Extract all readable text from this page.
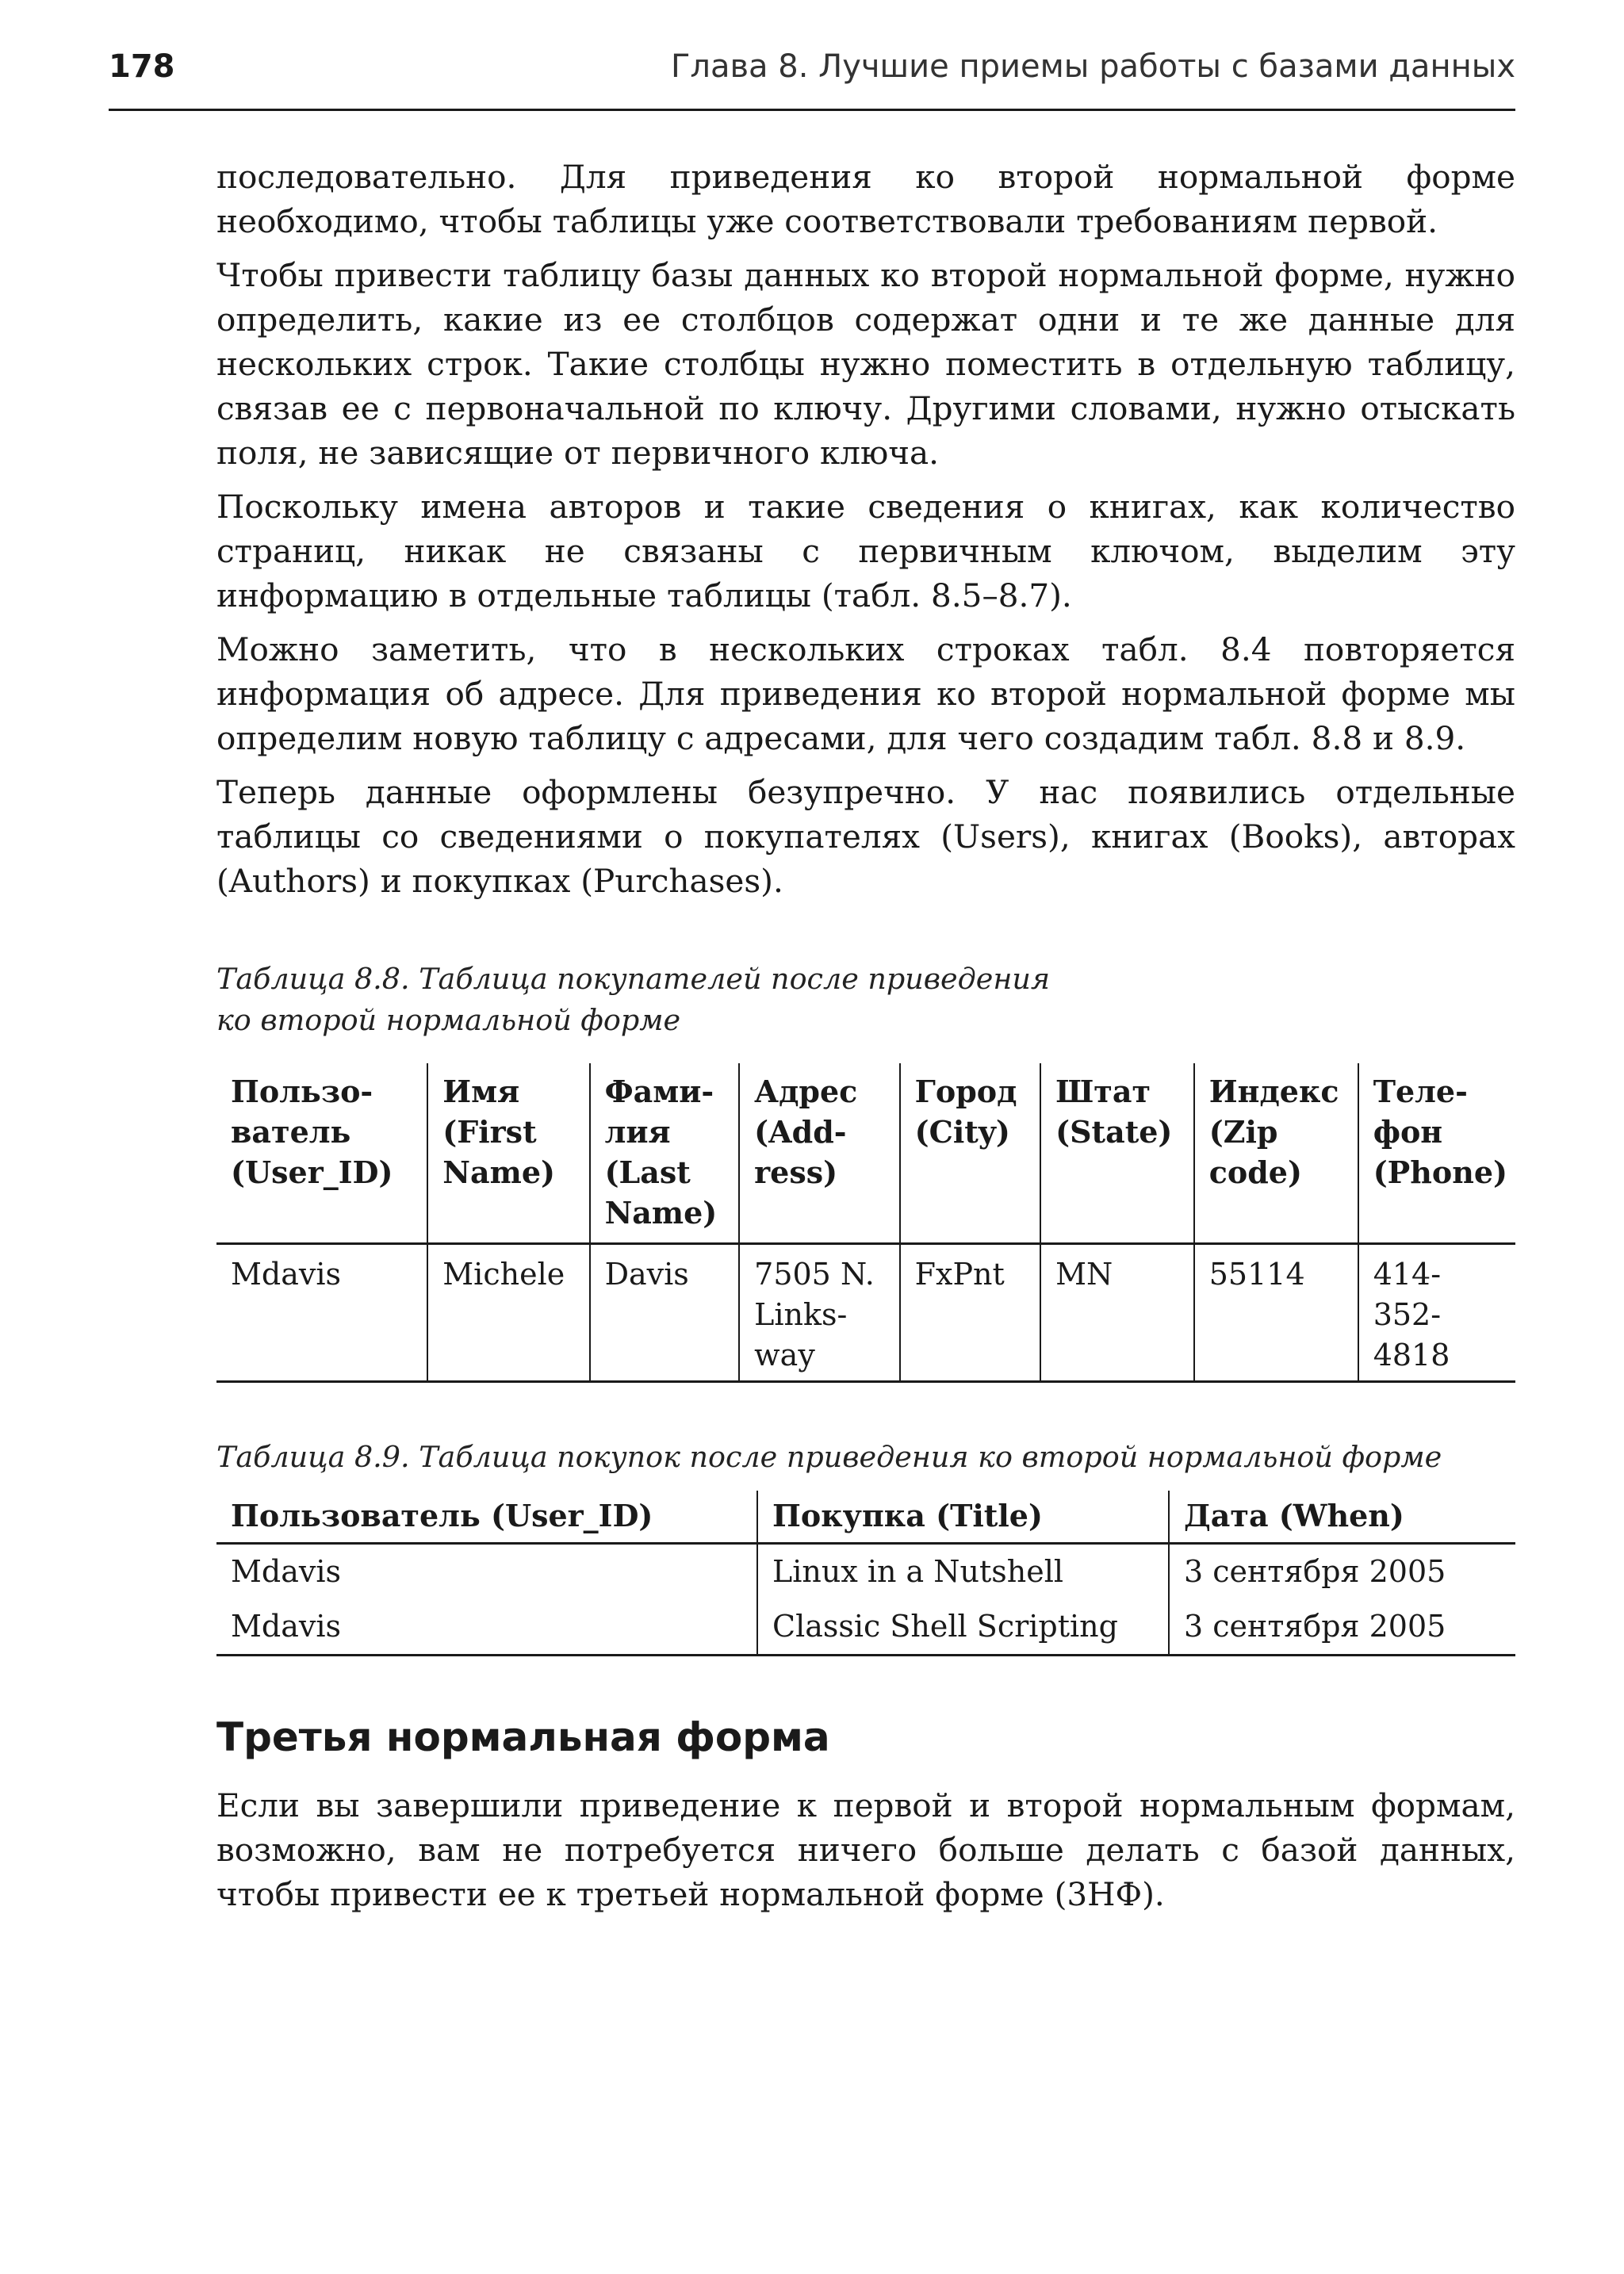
178	Глава 8. Лучшие приемы работы с базами данных

последовательно. Для приведения ко второй нормальной форме необходимо, чтобы таблицы уже соответствовали требованиям первой.

Чтобы привести таблицу базы данных ко второй нормальной форме, нужно определить, какие из ее столбцов содержат одни и те же данные для нескольких строк. Такие столбцы нужно поместить в отдельную таблицу, связав ее с первоначальной по ключу. Другими словами, нужно отыскать поля, не зависящие от первичного ключа.

Поскольку имена авторов и такие сведения о книгах, как количество страниц, никак не связаны с первичным ключом, выделим эту информацию в отдельные таблицы (табл. 8.5–8.7).

Можно заметить, что в нескольких строках табл. 8.4 повторяется информация об адресе. Для приведения ко второй нормальной форме мы определим новую таблицу с адресами, для чего создадим табл. 8.8 и 8.9.

Теперь данные оформлены безупречно. У нас появились отдельные таблицы со сведениями о покупателях (Users), книгах (Books), авторах (Authors) и покупках (Purchases).

Таблица 8.8. Таблица покупателей после приведения
ко второй нормальной форме

Пользо-ватель (User_ID)	Имя (First Name)	Фами-лия (Last Name)	Адрес (Add-ress)	Город (City)	Штат (State)	Индекс (Zip code)	Теле-фон (Phone)
Mdavis	Michele	Davis	7505 N. Links-way	FxPnt	MN	55114	414-352-4818

Таблица 8.9. Таблица покупок после приведения ко второй нормальной форме

Пользователь (User_ID)	Покупка (Title)	Дата (When)
Mdavis	Linux in a Nutshell	3 сентября 2005
Mdavis	Classic Shell Scripting	3 сентября 2005
Третья нормальная форма

Если вы завершили приведение к первой и второй нормальным формам, возможно, вам не потребуется ничего больше делать с базой данных, чтобы привести ее к третьей нормальной форме (3НФ).
